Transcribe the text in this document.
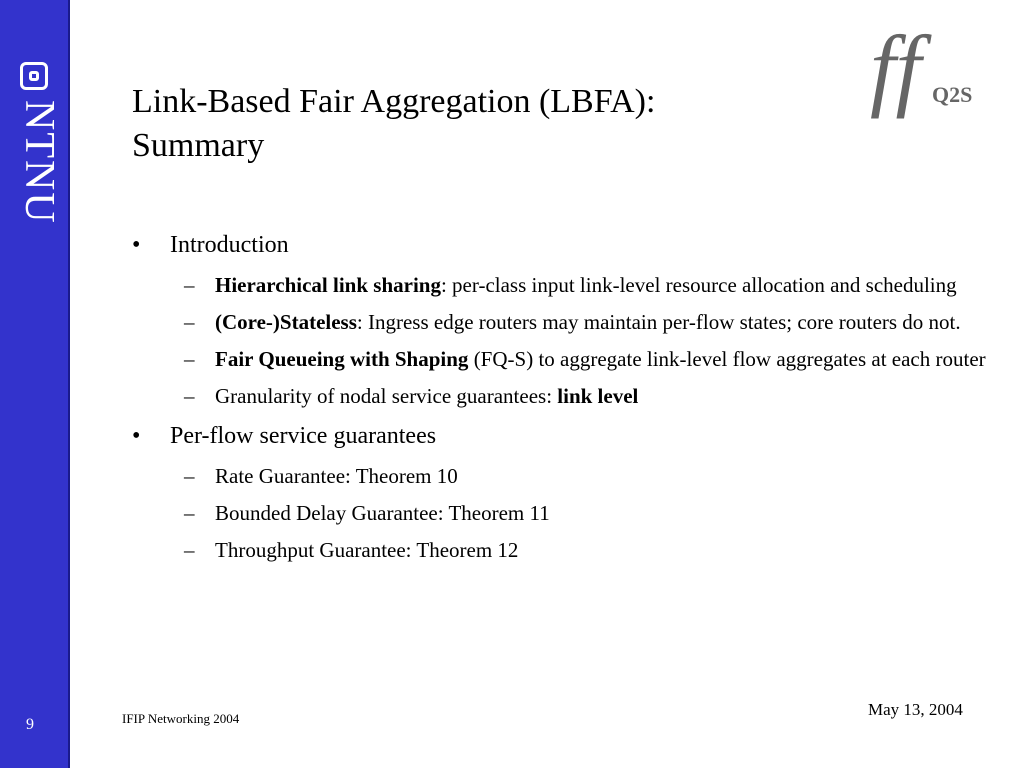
NTNU
9
Link-Based Fair Aggregation (LBFA):
Summary
ff Q2S
• Introduction
– Hierarchical link sharing: per-class input link-level resource allocation and scheduling
– (Core-)Stateless: Ingress edge routers may maintain per-flow states; core routers do not.
– Fair Queueing with Shaping (FQ-S) to aggregate link-level flow aggregates at each router
– Granularity of nodal service guarantees: link level
• Per-flow service guarantees
– Rate Guarantee: Theorem 10
– Bounded Delay Guarantee: Theorem 11
– Throughput Guarantee: Theorem 12
IFIP Networking 2004	May 13, 2004
